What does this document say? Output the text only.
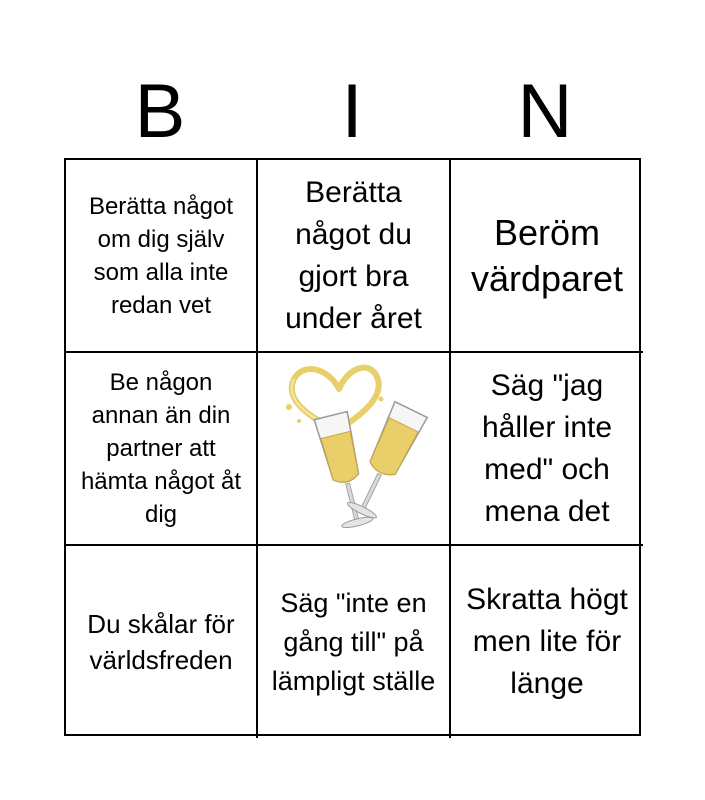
B	I	N
Berätta något om dig själv som alla inte redan vet
Berätta något du gjort bra under året
Beröm värdparet
Be någon annan än din partner att hämta något åt dig
Säg "jag håller inte med" och mena det
Du skålar för världsfreden
Säg "inte en gång till" på lämpligt ställe
Skratta högt men lite för länge
